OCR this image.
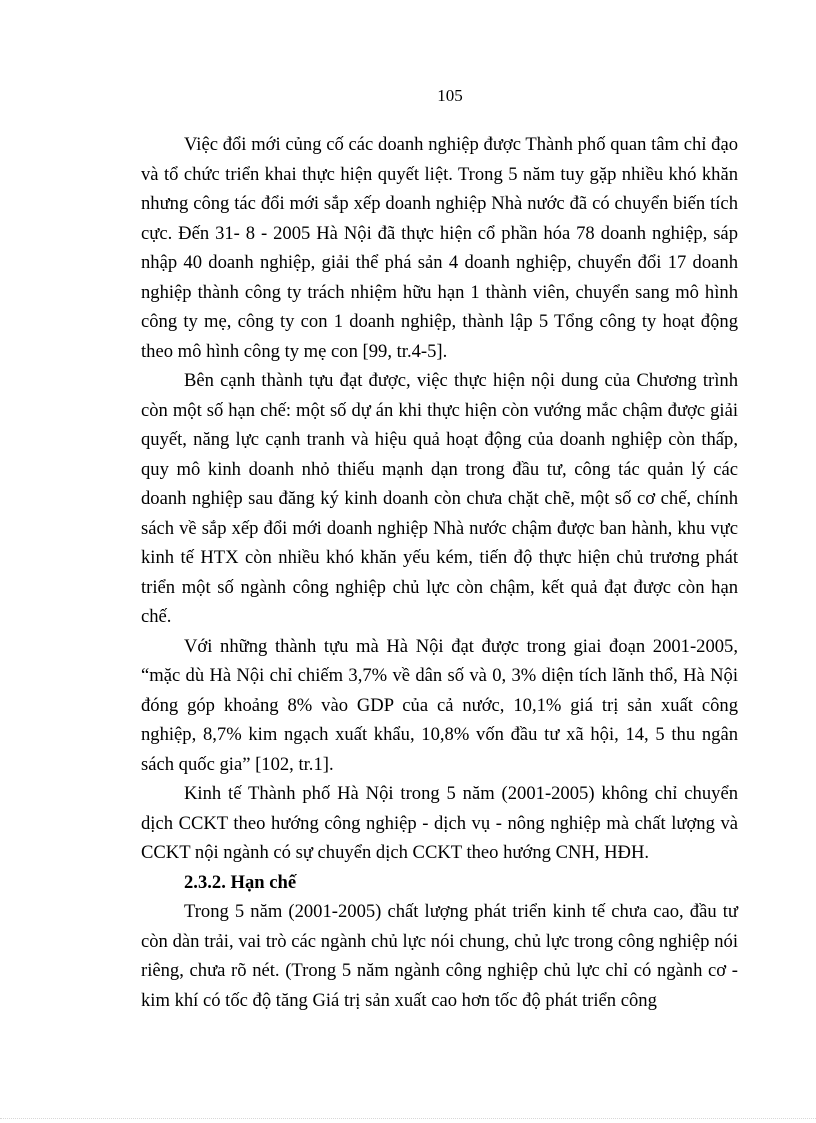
105

Việc đổi mới củng cố các doanh nghiệp được Thành phố quan tâm chỉ đạo và tổ chức triển khai thực hiện quyết liệt. Trong 5 năm tuy gặp nhiều khó khăn nhưng công tác đổi mới sắp xếp doanh nghiệp Nhà nước đã có chuyển biến tích cực. Đến 31- 8 - 2005 Hà Nội đã thực hiện cổ phần hóa 78 doanh nghiệp, sáp nhập 40 doanh nghiệp, giải thể phá sản 4 doanh nghiệp, chuyển đổi 17 doanh nghiệp thành công ty trách nhiệm hữu hạn 1 thành viên, chuyển sang mô hình công ty mẹ, công ty con 1 doanh nghiệp, thành lập 5 Tổng công ty hoạt động theo mô hình công ty mẹ con [99, tr.4-5].

Bên cạnh thành tựu đạt được, việc thực hiện nội dung của Chương trình còn một số hạn chế: một số dự án khi thực hiện còn vướng mắc chậm được giải quyết, năng lực cạnh tranh và hiệu quả hoạt động của doanh nghiệp còn thấp, quy mô kinh doanh nhỏ thiếu mạnh dạn trong đầu tư, công tác quản lý các doanh nghiệp sau đăng ký kinh doanh còn chưa chặt chẽ, một số cơ chế, chính sách về sắp xếp đổi mới doanh nghiệp Nhà nước chậm được ban hành, khu vực kinh tế HTX còn nhiều khó khăn yếu kém, tiến độ thực hiện chủ trương phát triển một số ngành công nghiệp chủ lực còn chậm, kết quả đạt được còn hạn chế.

Với những thành tựu mà Hà Nội đạt được trong giai đoạn 2001-2005, “mặc dù Hà Nội chỉ chiếm 3,7% về dân số và 0, 3% diện tích lãnh thổ, Hà Nội đóng góp khoảng 8% vào GDP của cả nước, 10,1% giá trị sản xuất công nghiệp, 8,7% kim ngạch xuất khẩu, 10,8% vốn đầu tư xã hội, 14, 5 thu ngân sách quốc gia” [102, tr.1].

Kinh tế Thành phố Hà Nội trong 5 năm (2001-2005) không chỉ chuyển dịch CCKT theo hướng công nghiệp - dịch vụ - nông nghiệp mà chất lượng và CCKT nội ngành có sự chuyển dịch CCKT theo hướng CNH, HĐH.

2.3.2. Hạn chế

Trong 5 năm (2001-2005) chất lượng phát triển kinh tế chưa cao, đầu tư còn dàn trải, vai trò các ngành chủ lực nói chung, chủ lực trong công nghiệp nói riêng, chưa rõ nét. (Trong 5 năm ngành công nghiệp chủ lực chỉ có ngành cơ - kim khí có tốc độ tăng Giá trị sản xuất cao hơn tốc độ phát triển công
